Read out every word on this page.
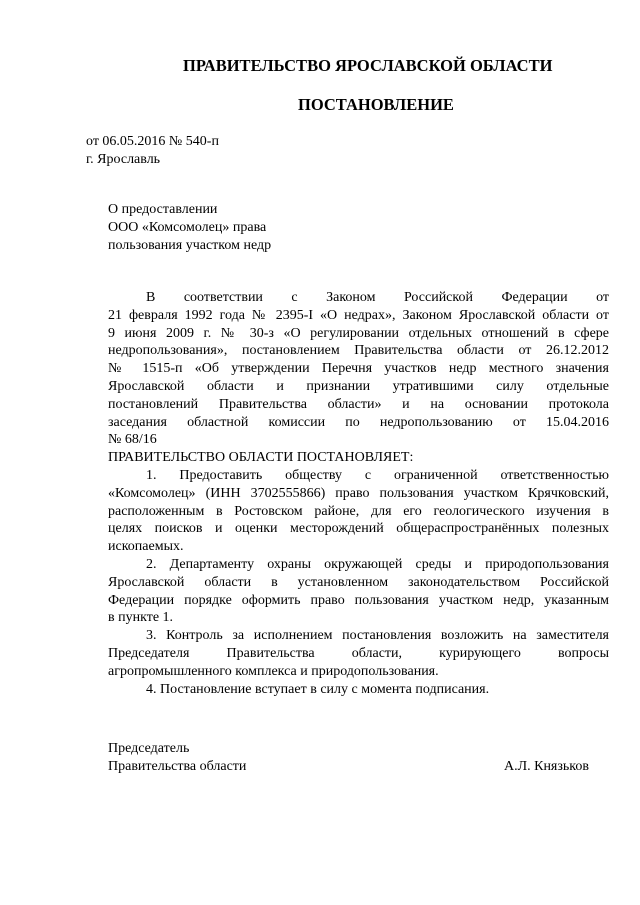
ПРАВИТЕЛЬСТВО ЯРОСЛАВСКОЙ ОБЛАСТИ
ПОСТАНОВЛЕНИЕ
от 06.05.2016 № 540-п
г. Ярославль
О предоставлении
ООО «Комсомолец» права
пользования участком недр
В соответствии с Законом Российской Федерации от
21 февраля 1992 года № 2395-I «О недрах», Законом Ярославской области от
9 июня 2009 г. № 30-з «О регулировании отдельных отношений в сфере
недропользования», постановлением Правительства области от 26.12.2012
№ 1515-п «Об утверждении Перечня участков недр местного значения
Ярославской области и признании утратившими силу отдельные
постановлений Правительства области» и на основании протокола
заседания областной комиссии по недропользованию от 15.04.2016
№ 68/16
ПРАВИТЕЛЬСТВО ОБЛАСТИ ПОСТАНОВЛЯЕТ:
1. Предоставить обществу с ограниченной ответственностью
«Комсомолец» (ИНН 3702555866) право пользования участком Крячковский,
расположенным в Ростовском районе, для его геологического изучения в
целях поисков и оценки месторождений общераспространённых полезных
ископаемых.
2. Департаменту охраны окружающей среды и природопользования
Ярославской области в установленном законодательством Российской
Федерации порядке оформить право пользования участком недр, указанным
в пункте 1.
3. Контроль за исполнением постановления возложить на заместителя
Председателя Правительства области, курирующего вопросы
агропромышленного комплекса и природопользования.
4. Постановление вступает в силу с момента подписания.
Председатель
Правительства области	А.Л. Князьков
